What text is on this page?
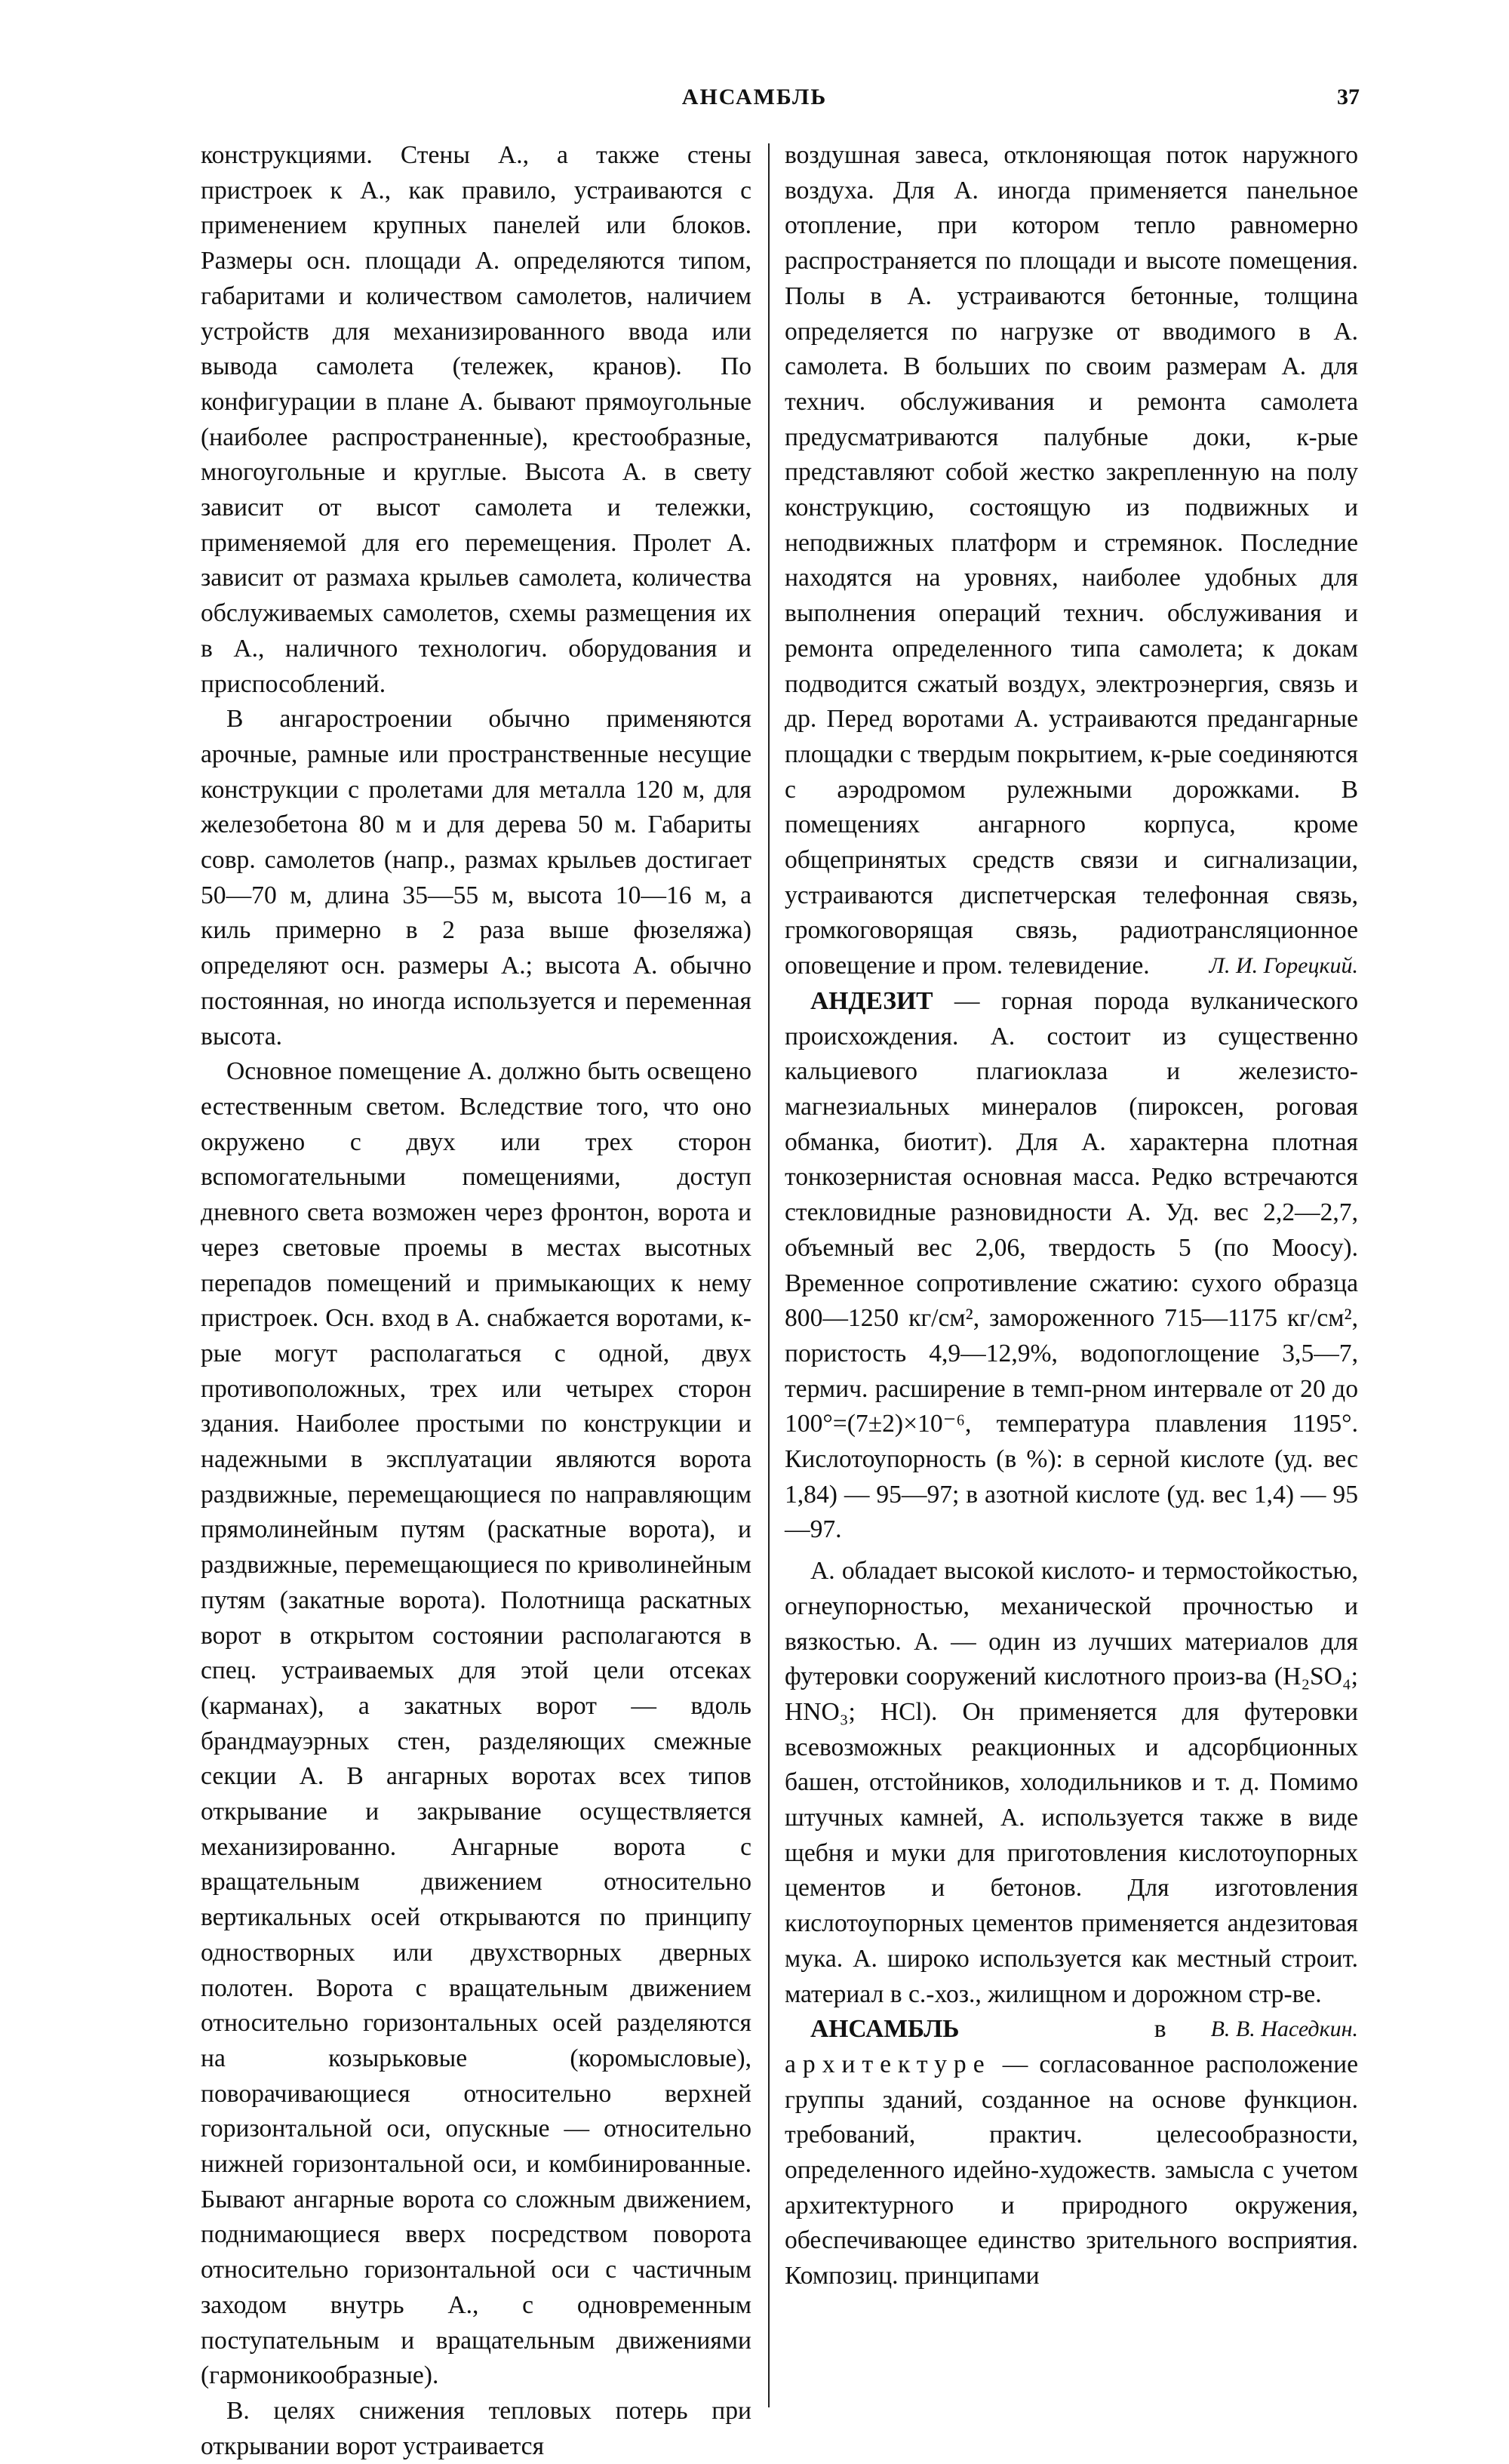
АНСАМБЛЬ	37

конструкциями. Стены А., а также стены пристроек к А., как правило, устраиваются с применением крупных панелей или блоков. Размеры осн. площади А. определяются типом, габаритами и количеством самолетов, наличием устройств для механизированного ввода или вывода самолета (тележек, кранов). По конфигурации в плане А. бывают прямоугольные (наиболее распространенные), крестообразные, многоугольные и круглые. Высота А. в свету зависит от высот самолета и тележки, применяемой для его перемещения. Пролет А. зависит от размаха крыльев самолета, количества обслуживаемых самолетов, схемы размещения их в А., наличного технологич. оборудования и приспособлений.

В ангаростроении обычно применяются арочные, рамные или пространственные несущие конструкции с пролетами для металла 120 м, для железобетона 80 м и для дерева 50 м. Габариты совр. самолетов (напр., размах крыльев достигает 50—70 м, длина 35—55 м, высота 10—16 м, а киль примерно в 2 раза выше фюзеляжа) определяют осн. размеры А.; высота А. обычно постоянная, но иногда используется и переменная высота.

Основное помещение А. должно быть освещено естественным светом. Вследствие того, что оно окружено с двух или трех сторон вспомогательными помещениями, доступ дневного света возможен через фронтон, ворота и через световые проемы в местах высотных перепадов помещений и примыкающих к нему пристроек. Осн. вход в А. снабжается воротами, к-рые могут располагаться с одной, двух противоположных, трех или четырех сторон здания. Наиболее простыми по конструкции и надежными в эксплуатации являются ворота раздвижные, перемещающиеся по направляющим прямолинейным путям (раскатные ворота), и раздвижные, перемещающиеся по криволинейным путям (закатные ворота). Полотнища раскатных ворот в открытом состоянии располагаются в спец. устраиваемых для этой цели отсеках (карманах), а закатных ворот — вдоль брандмауэрных стен, разделяющих смежные секции А. В ангарных воротах всех типов открывание и закрывание осуществляется механизированно. Ангарные ворота с вращательным движением относительно вертикальных осей открываются по принципу одностворных или двухстворных дверных полотен. Ворота с вращательным движением относительно горизонтальных осей разделяются на козырьковые (коромысловые), поворачивающиеся относительно верхней горизонтальной оси, опускные — относительно нижней горизонтальной оси, и комбинированные. Бывают ангарные ворота со сложным движением, поднимающиеся вверх посредством поворота относительно горизонтальной оси с частичным заходом внутрь А., с одновременным поступательным и вращательным движениями (гармоникообразные).

В. целях снижения тепловых потерь при открывании ворот устраивается

воздушная завеса, отклоняющая поток наружного воздуха. Для А. иногда применяется панельное отопление, при котором тепло равномерно распространяется по площади и высоте помещения. Полы в А. устраиваются бетонные, толщина определяется по нагрузке от вводимого в А. самолета. В больших по своим размерам А. для технич. обслуживания и ремонта самолета предусматриваются палубные доки, к-рые представляют собой жестко закрепленную на полу конструкцию, состоящую из подвижных и неподвижных платформ и стремянок. Последние находятся на уровнях, наиболее удобных для выполнения операций технич. обслуживания и ремонта определенного типа самолета; к докам подводится сжатый воздух, электроэнергия, связь и др. Перед воротами А. устраиваются предангарные площадки с твердым покрытием, к-рые соединяются с аэродромом рулежными дорожками. В помещениях ангарного корпуса, кроме общепринятых средств связи и сигнализации, устраиваются диспетчерская телефонная связь, громкоговорящая связь, радиотрансляционное оповещение и пром. телевидение.	Л. И. Горецкий.

АНДЕЗИТ — горная порода вулканического происхождения. А. состоит из существенно кальциевого плагиоклаза и железисто-магнезиальных минералов (пироксен, роговая обманка, биотит). Для А. характерна плотная тонкозернистая основная масса. Редко встречаются стекловидные разновидности А. Уд. вес 2,2—2,7, объемный вес 2,06, твердость 5 (по Моосу). Временное сопротивление сжатию: сухого образца 800—1250 кг/см², замороженного 715—1175 кг/см², пористость 4,9—12,9%, водопоглощение 3,5—7, термич. расширение в темп-рном интервале от 20 до 100°=(7±2)×10⁻⁶, температура плавления 1195°. Кислотоупорность (в %): в серной кислоте (уд. вес 1,84) — 95—97; в азотной кислоте (уд. вес 1,4) — 95—97.

А. обладает высокой кислото- и термостойкостью, огнеупорностью, механической прочностью и вязкостью. А. — один из лучших материалов для футеровки сооружений кислотного произ-ва (H₂SO₄; HNO₃; HCl). Он применяется для футеровки всевозможных реакционных и адсорбционных башен, отстойников, холодильников и т. д. Помимо штучных камней, А. используется также в виде щебня и муки для приготовления кислотоупорных цементов и бетонов. Для изготовления кислотоупорных цементов применяется андезитовая мука. А. широко используется как местный строит. материал в с.-хоз., жилищном и дорожном стр-ве.
В. В. Наседкин.

АНСАМБЛЬ	в архитектуре — согласованное расположение группы зданий, созданное на основе функцион. требований, практич. целесообразности, определенного идейно-художеств. замысла с учетом архитектурного и природного окружения, обеспечивающее единство зрительного восприятия. Композиц. принципами
